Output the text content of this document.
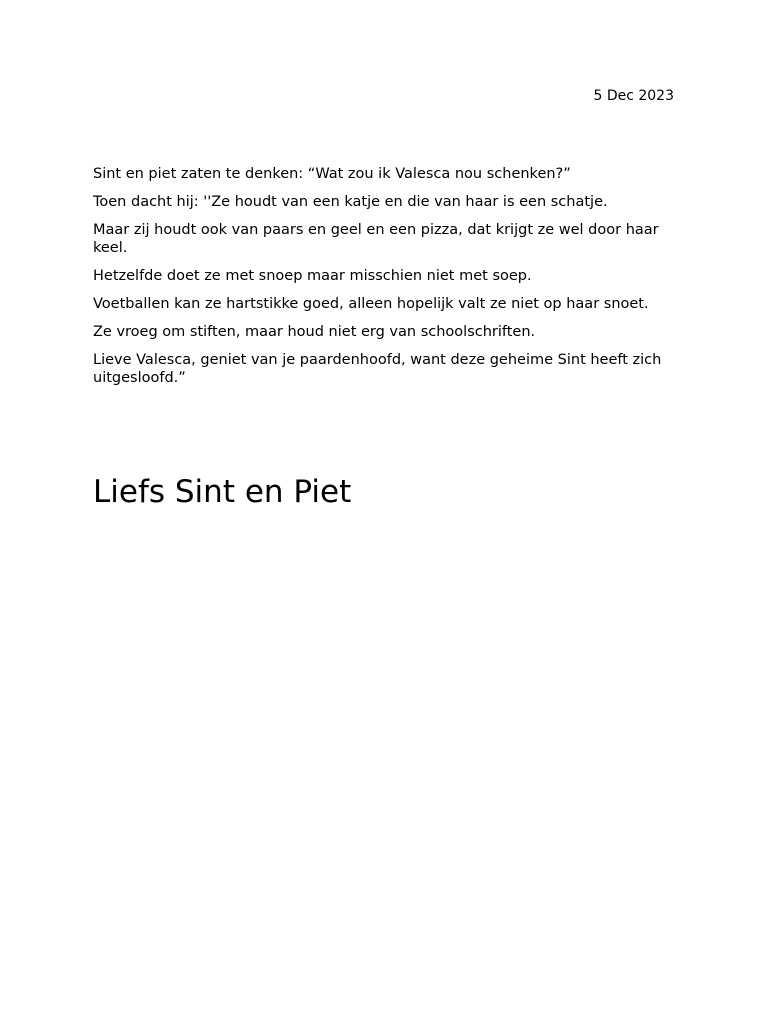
5 Dec 2023

Sint en piet zaten te denken: “Wat zou ik Valesca nou schenken?”

Toen dacht hij: ''Ze houdt van een katje en die van haar is een schatje.

Maar zij houdt ook van paars en geel en een pizza, dat krijgt ze wel door haar keel.

Hetzelfde doet ze met snoep maar misschien niet met soep.

Voetballen kan ze hartstikke goed, alleen hopelijk valt ze niet op haar snoet.

Ze vroeg om stiften, maar houd niet erg van schoolschriften.

Lieve Valesca, geniet van je paardenhoofd, want deze geheime Sint heeft zich uitgesloofd.”

Liefs Sint en Piet
